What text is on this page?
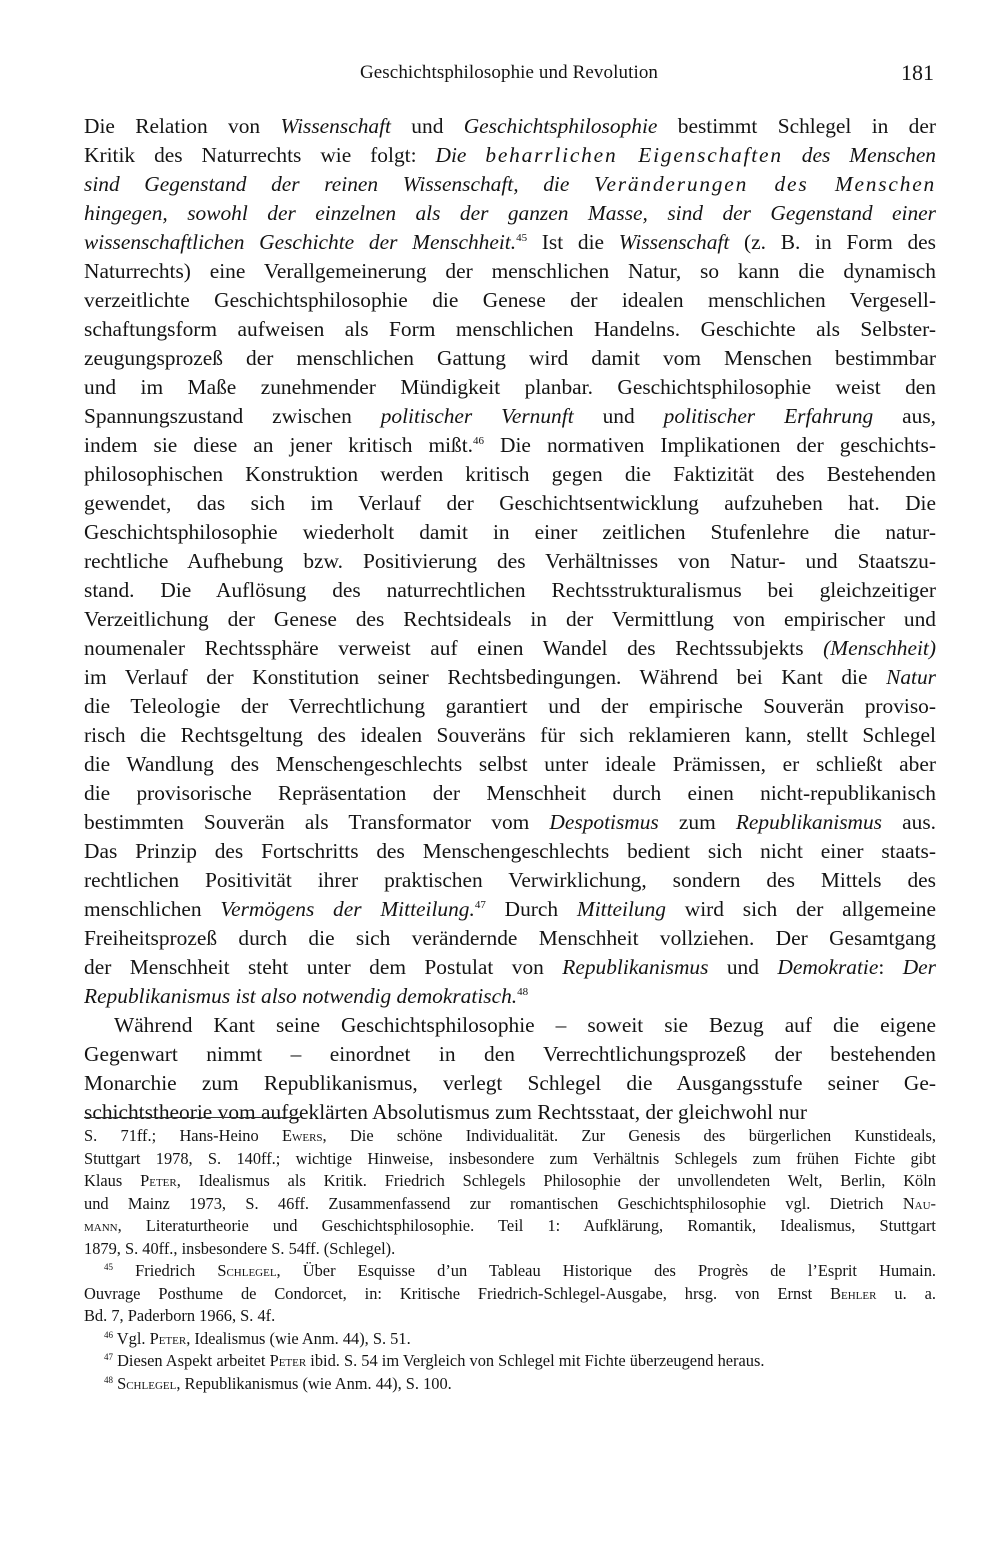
Geschichtsphilosophie und Revolution	181
Die Relation von Wissenschaft und Geschichtsphilosophie bestimmt Schlegel in der
Kritik des Naturrechts wie folgt: Die beharrlichen Eigenschaften des Menschen
sind Gegenstand der reinen Wissenschaft, die Veränderungen des Menschen
hingegen, sowohl der einzelnen als der ganzen Masse, sind der Gegenstand einer
wissenschaftlichen Geschichte der Menschheit.$^{45}$ Ist die Wissenschaft (z. B. in Form des
Naturrechts) eine Verallgemeinerung der menschlichen Natur, so kann die dynamisch
verzeitlichte Geschichtsphilosophie die Genese der idealen menschlichen Vergesell-
schaftungsform aufweisen als Form menschlichen Handelns. Geschichte als Selbster-
zeugungsprozeß der menschlichen Gattung wird damit vom Menschen bestimmbar
und im Maße zunehmender Mündigkeit planbar. Geschichtsphilosophie weist den
Spannungszustand zwischen politischer Vernunft und politischer Erfahrung aus,
indem sie diese an jener kritisch mißt.$^{46}$ Die normativen Implikationen der geschichts-
philosophischen Konstruktion werden kritisch gegen die Faktizität des Bestehenden
gewendet, das sich im Verlauf der Geschichtsentwicklung aufzuheben hat. Die
Geschichtsphilosophie wiederholt damit in einer zeitlichen Stufenlehre die natur-
rechtliche Aufhebung bzw. Positivierung des Verhältnisses von Natur- und Staatszu-
stand. Die Auflösung des naturrechtlichen Rechtsstrukturalismus bei gleichzeitiger
Verzeitlichung der Genese des Rechtsideals in der Vermittlung von empirischer und
noumenaler Rechtssphäre verweist auf einen Wandel des Rechtssubjekts (Menschheit)
im Verlauf der Konstitution seiner Rechtsbedingungen. Während bei Kant die Natur
die Teleologie der Verrechtlichung garantiert und der empirische Souverän proviso-
risch die Rechtsgeltung des idealen Souveräns für sich reklamieren kann, stellt Schlegel
die Wandlung des Menschengeschlechts selbst unter ideale Prämissen, er schließt aber
die provisorische Repräsentation der Menschheit durch einen nicht-republikanisch
bestimmten Souverän als Transformator vom Despotismus zum Republikanismus aus.
Das Prinzip des Fortschritts des Menschengeschlechts bedient sich nicht einer staats-
rechtlichen Positivität ihrer praktischen Verwirklichung, sondern des Mittels des
menschlichen Vermögens der Mitteilung.$^{47}$ Durch Mitteilung wird sich der allgemeine
Freiheitsprozeß durch die sich verändernde Menschheit vollziehen. Der Gesamtgang
der Menschheit steht unter dem Postulat von Republikanismus und Demokratie: Der
Republikanismus ist also notwendig demokratisch.$^{48}$
Während Kant seine Geschichtsphilosophie – soweit sie Bezug auf die eigene
Gegenwart nimmt – einordnet in den Verrechtlichungsprozeß der bestehenden
Monarchie zum Republikanismus, verlegt Schlegel die Ausgangsstufe seiner Ge-
schichtstheorie vom aufgeklärten Absolutismus zum Rechtsstaat, der gleichwohl nur
S. 71ff.; Hans-Heino Ewers, Die schöne Individualität. Zur Genesis des bürgerlichen Kunstideals,
Stuttgart 1978, S. 140ff.; wichtige Hinweise, insbesondere zum Verhältnis Schlegels zum frühen Fichte gibt
Klaus Peter, Idealismus als Kritik. Friedrich Schlegels Philosophie der unvollendeten Welt, Berlin, Köln
und Mainz 1973, S. 46ff. Zusammenfassend zur romantischen Geschichtsphilosophie vgl. Dietrich Nau-
mann, Literaturtheorie und Geschichtsphilosophie. Teil 1: Aufklärung, Romantik, Idealismus, Stuttgart
1879, S. 40ff., insbesondere S. 54ff. (Schlegel).
$^{45}$ Friedrich Schlegel, Über Esquisse d’un Tableau Historique des Progrès de l’Esprit Humain.
Ouvrage Posthume de Condorcet, in: Kritische Friedrich-Schlegel-Ausgabe, hrsg. von Ernst Behler u. a.
Bd. 7, Paderborn 1966, S. 4f.
$^{46}$ Vgl. Peter, Idealismus (wie Anm. 44), S. 51.
$^{47}$ Diesen Aspekt arbeitet Peter ibid. S. 54 im Vergleich von Schlegel mit Fichte überzeugend heraus.
$^{48}$ Schlegel, Republikanismus (wie Anm. 44), S. 100.
